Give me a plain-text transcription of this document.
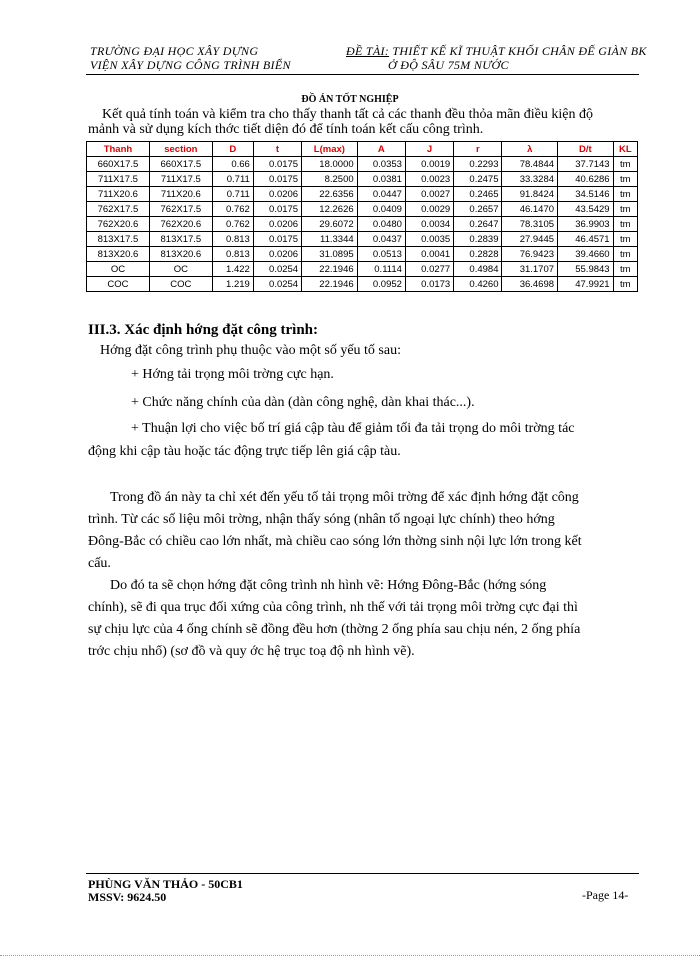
TRƯỜNG ĐẠI HỌC XÂY DỰNG
VIỆN XÂY DỰNG CÔNG TRÌNH BIỂN
ĐỀ TÀI: THIẾT KẾ KĨ THUẬT KHỐI CHÂN ĐẾ GIÀN BK
Ở ĐỘ SÂU 75M NƯỚC
ĐỒ ÁN TỐT NGHIỆP
Kết quả tính toán và kiểm tra cho thấy thanh tất cả các thanh đều thỏa mãn điều kiện độ
mảnh và sử dụng kích thớc tiết diện đó để tính toán kết cấu công trình.
Thanh	section	D	t	L(max)	A	J	r	λ	D/t	KL
660X17.5	660X17.5	0.66	0.0175	18.0000	0.0353	0.0019	0.2293	78.4844	37.7143	tm
711X17.5	711X17.5	0.711	0.0175	8.2500	0.0381	0.0023	0.2475	33.3284	40.6286	tm
711X20.6	711X20.6	0.711	0.0206	22.6356	0.0447	0.0027	0.2465	91.8424	34.5146	tm
762X17.5	762X17.5	0.762	0.0175	12.2626	0.0409	0.0029	0.2657	46.1470	43.5429	tm
762X20.6	762X20.6	0.762	0.0206	29.6072	0.0480	0.0034	0.2647	78.3105	36.9903	tm
813X17.5	813X17.5	0.813	0.0175	11.3344	0.0437	0.0035	0.2839	27.9445	46.4571	tm
813X20.6	813X20.6	0.813	0.0206	31.0895	0.0513	0.0041	0.2828	76.9423	39.4660	tm
OC	OC	1.422	0.0254	22.1946	0.1114	0.0277	0.4984	31.1707	55.9843	tm
COC	COC	1.219	0.0254	22.1946	0.0952	0.0173	0.4260	36.4698	47.9921	tm
III.3. Xác định hớng đặt công trình:
Hớng đặt công trình phụ thuộc vào một số yếu tố sau:
+ Hớng tải trọng môi trờng cực hạn.
+ Chức năng chính của dàn (dàn công nghệ, dàn khai thác...).
+ Thuận lợi cho việc bố trí giá cập tàu để giảm tối đa tải trọng do môi trờng tác
động khi cập tàu hoặc tác động trực tiếp lên giá cập tàu.
Trong đồ án này ta chỉ xét đến yếu tố tải trọng môi trờng để xác định hớng đặt công
trình. Từ các số liệu môi trờng, nhận thấy sóng (nhân tố ngoại lực chính) theo hớng
Đông-Bắc có chiều cao lớn nhất, mà chiều cao sóng lớn thờng sinh nội lực lớn trong kết
cấu.
Do đó ta sẽ chọn hớng đặt công trình nh hình vẽ: Hớng Đông-Bắc (hớng sóng
chính), sẽ đi qua trục đối xứng của công trình, nh thế với tải trọng môi trờng cực đại thì
sự chịu lực của 4 ống chính sẽ đồng đều hơn (thờng 2 ống phía sau chịu nén, 2 ống phía
trớc chịu nhổ) (sơ đồ và quy ớc hệ trục toạ độ nh hình vẽ).
PHÙNG VĂN THẢO - 50CB1
MSSV: 9624.50	-Page 14-
